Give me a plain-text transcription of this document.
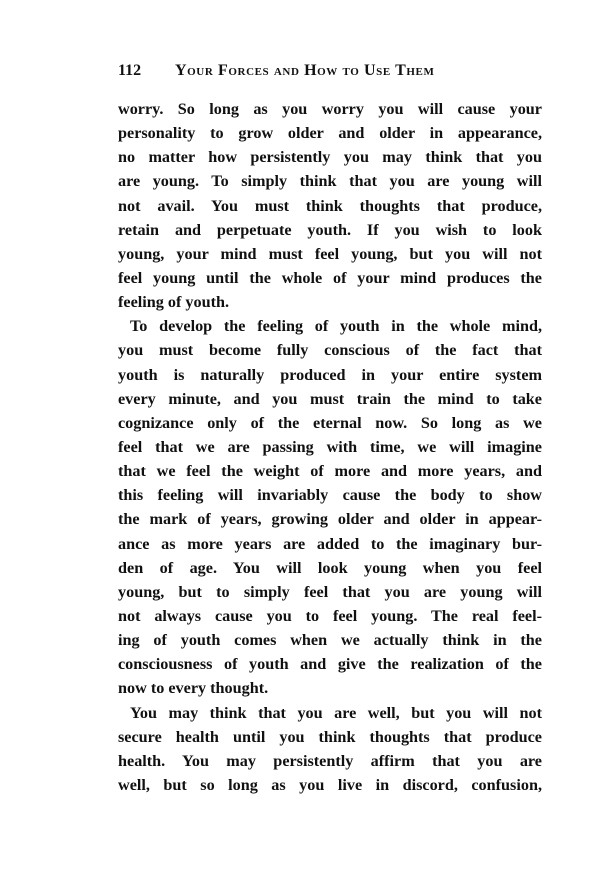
112 Your Forces and How to Use Them
worry. So long as you worry you will cause your
personality to grow older and older in appearance,
no matter how persistently you may think that you
are young. To simply think that you are young will
not avail. You must think thoughts that produce,
retain and perpetuate youth. If you wish to look
young, your mind must feel young, but you will not
feel young until the whole of your mind produces the
feeling of youth.
To develop the feeling of youth in the whole mind,
you must become fully conscious of the fact that
youth is naturally produced in your entire system
every minute, and you must train the mind to take
cognizance only of the eternal now. So long as we
feel that we are passing with time, we will imagine
that we feel the weight of more and more years, and
this feeling will invariably cause the body to show
the mark of years, growing older and older in appear-
ance as more years are added to the imaginary bur-
den of age. You will look young when you feel
young, but to simply feel that you are young will
not always cause you to feel young. The real feel-
ing of youth comes when we actually think in the
consciousness of youth and give the realization of the
now to every thought.
You may think that you are well, but you will not
secure health until you think thoughts that produce
health. You may persistently affirm that you are
well, but so long as you live in discord, confusion,
